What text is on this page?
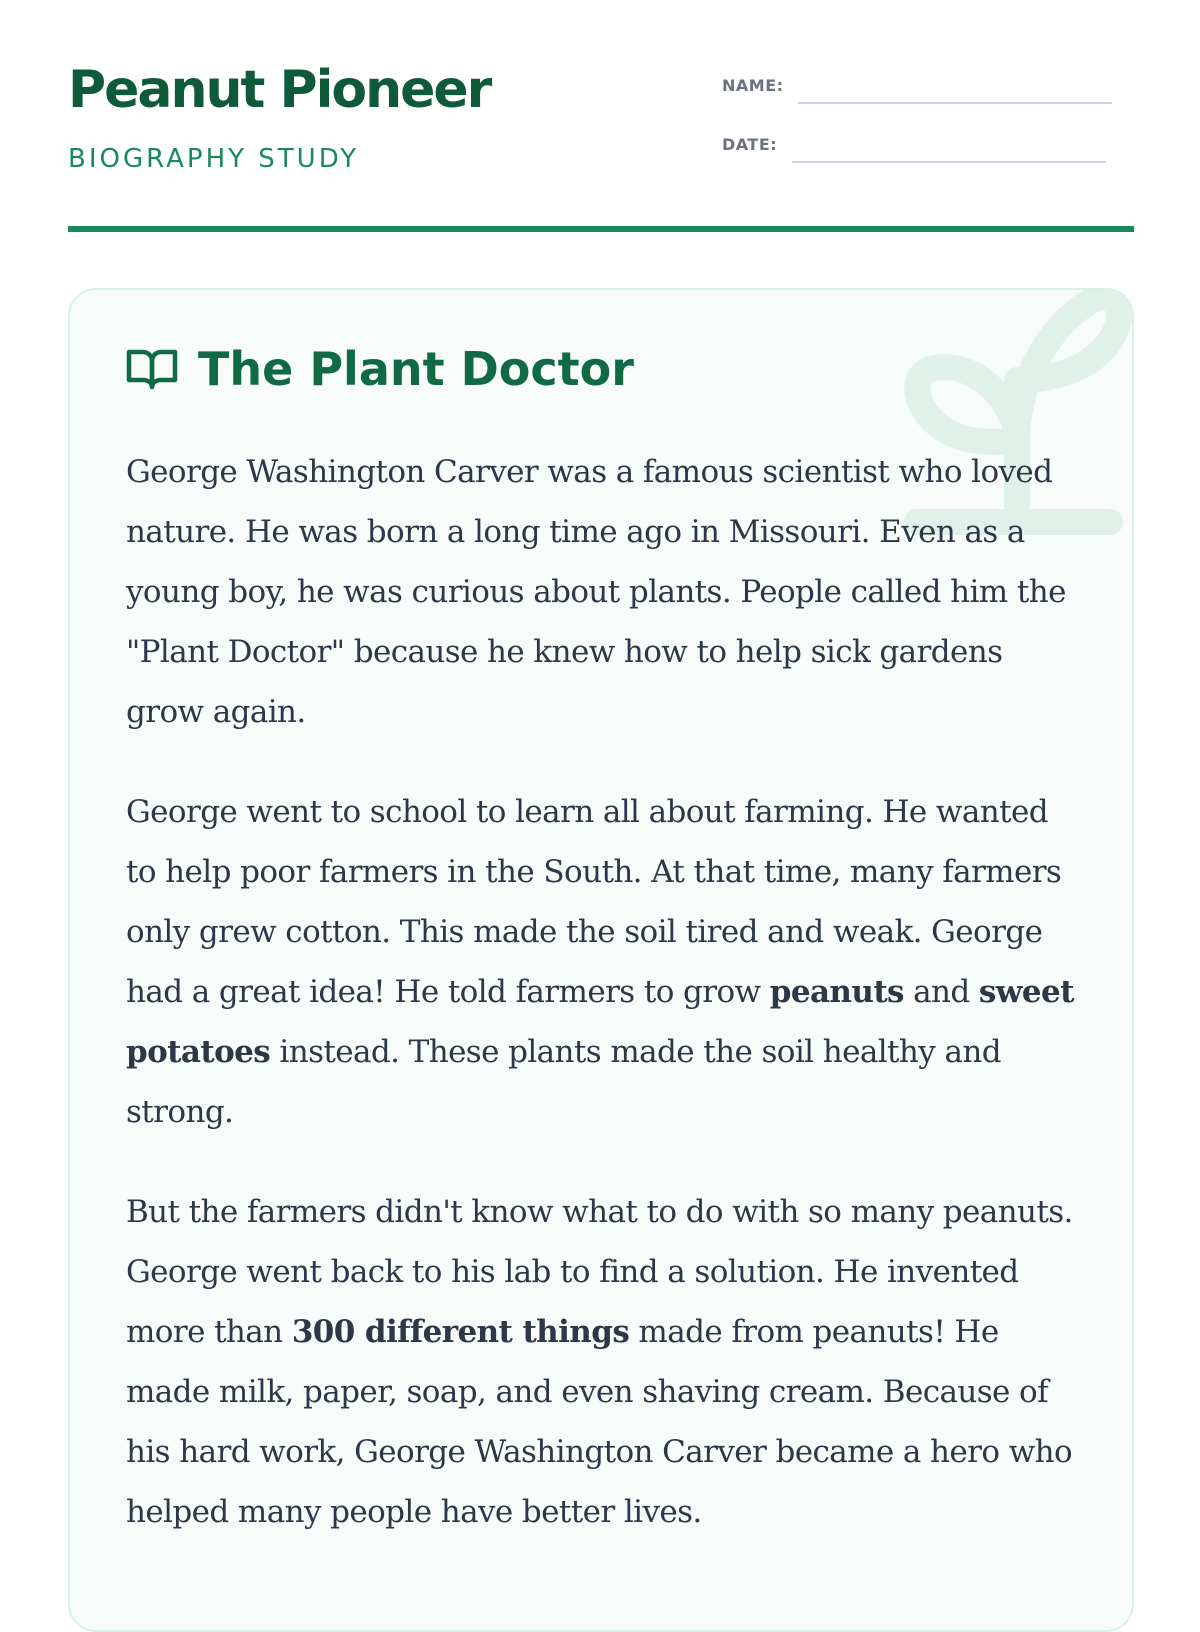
Peanut Pioneer
BIOGRAPHY STUDY
NAME:
DATE:
The Plant Doctor

George Washington Carver was a famous scientist who loved nature. He was born a long time ago in Missouri. Even as a young boy, he was curious about plants. People called him the "Plant Doctor" because he knew how to help sick gardens grow again.

George went to school to learn all about farming. He wanted to help poor farmers in the South. At that time, many farmers only grew cotton. This made the soil tired and weak. George had a great idea! He told farmers to grow peanuts and sweet potatoes instead. These plants made the soil healthy and strong.

But the farmers didn't know what to do with so many peanuts. George went back to his lab to find a solution. He invented more than 300 different things made from peanuts! He made milk, paper, soap, and even shaving cream. Because of his hard work, George Washington Carver became a hero who helped many people have better lives.
